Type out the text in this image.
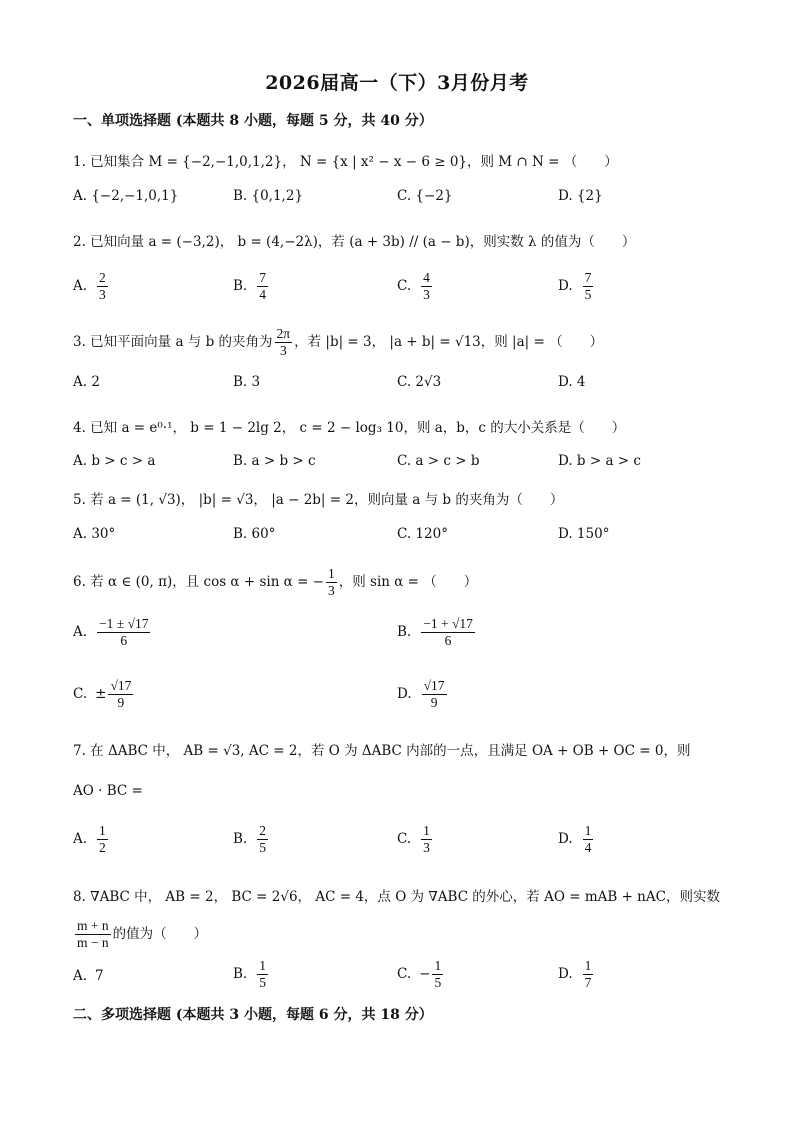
2026届高一（下）3月份月考
一、单项选择题 (本题共 8 小题，每题 5 分，共 40 分）
1. 已知集合 M = {−2,−1,0,1,2}， N = {x | x² − x − 6 ≥ 0}，则 M ∩ N = （　　）
A. {−2,−1,0,1}	B. {0,1,2}	C. {−2}	D. {2}
2. 已知向量 a = (−3,2)， b = (4,−2λ)，若 (a + 3b) // (a − b)，则实数 λ 的值为（　　）
A. $\frac{2}{3}$	B. $\frac{7}{4}$	C. $\frac{4}{3}$	D. $\frac{7}{5}$
3. 已知平面向量 a 与 b 的夹角为 $\frac{2\pi}{3}$ ，若 |b| = 3， |a + b| = √13，则 |a| = （　　）
A. 2	B. 3	C. 2√3	D. 4
4. 已知 a = e⁰·¹， b = 1 − 2lg 2， c = 2 − log₃ 10，则 a，b，c 的大小关系是（　　）
A. b > c > a	B. a > b > c	C. a > c > b	D. b > a > c
5. 若 a = (1, √3)， |b| = √3， |a − 2b| = 2，则向量 a 与 b 的夹角为（　　）
A. 30°	B. 60°	C. 120°	D. 150°
6. 若 α ∈ (0, π)，且 cos α + sin α = − $\frac{1}{3}$ ，则 sin α = （　　）
A. $\frac{-1 \pm √17}{6}$	B. $\frac{-1 + √17}{6}$
C. ± $\frac{√17}{9}$	D. $\frac{√17}{9}$
7. 在 ΔABC 中， AB = √3, AC = 2，若 O 为 ΔABC 内部的一点，且满足 OA + OB + OC = 0，则
AO · BC =
A. $\frac{1}{2}$	B. $\frac{2}{5}$	C. $\frac{1}{3}$	D. $\frac{1}{4}$
8. ∇ABC 中， AB = 2， BC = 2√6， AC = 4，点 O 为 ∇ABC 的外心，若 AO = mAB + nAC，则实数
$\frac{m + n}{m - n}$ 的值为（　　）
A. 7	B. $\frac{1}{5}$	C. − $\frac{1}{5}$	D. $\frac{1}{7}$
二、多项选择题 (本题共 3 小题，每题 6 分，共 18 分）
